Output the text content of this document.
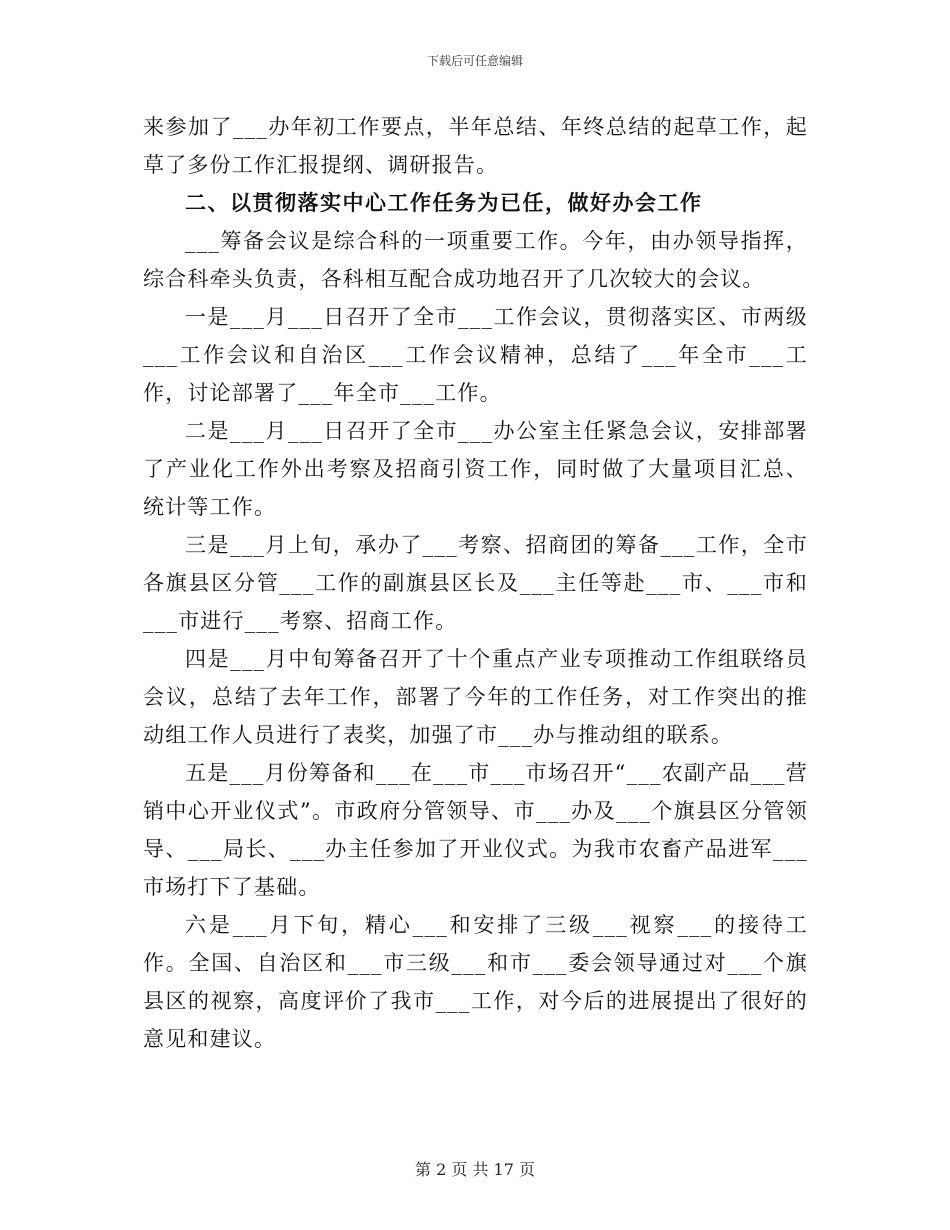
下载后可任意编辑

来参加了___办年初工作要点，半年总结、年终总结的起草工作，起草了多份工作汇报提纲、调研报告。

二、以贯彻落实中心工作任务为已任，做好办会工作

___筹备会议是综合科的一项重要工作。今年，由办领导指挥，综合科牵头负责，各科相互配合成功地召开了几次较大的会议。

一是___月___日召开了全市___工作会议，贯彻落实区、市两级___工作会议和自治区___工作会议精神，总结了___年全市___工作，讨论部署了___年全市___工作。

二是___月___日召开了全市___办公室主任紧急会议，安排部署了产业化工作外出考察及招商引资工作，同时做了大量项目汇总、统计等工作。

三是___月上旬，承办了___考察、招商团的筹备___工作，全市各旗县区分管___工作的副旗县区长及___主任等赴___市、___市和___市进行___考察、招商工作。

四是___月中旬筹备召开了十个重点产业专项推动工作组联络员会议，总结了去年工作，部署了今年的工作任务，对工作突出的推动组工作人员进行了表奖，加强了市___办与推动组的联系。

五是___月份筹备和___在___市___市场召开“___农副产品___营销中心开业仪式”。市政府分管领导、市___办及___个旗县区分管领导、___局长、___办主任参加了开业仪式。为我市农畜产品进军___市场打下了基础。

六是___月下旬，精心___和安排了三级___视察___的接待工作。全国、自治区和___市三级___和市___委会领导通过对___个旗县区的视察，高度评价了我市___工作，对今后的进展提出了很好的意见和建议。

第 2 页 共 17 页
